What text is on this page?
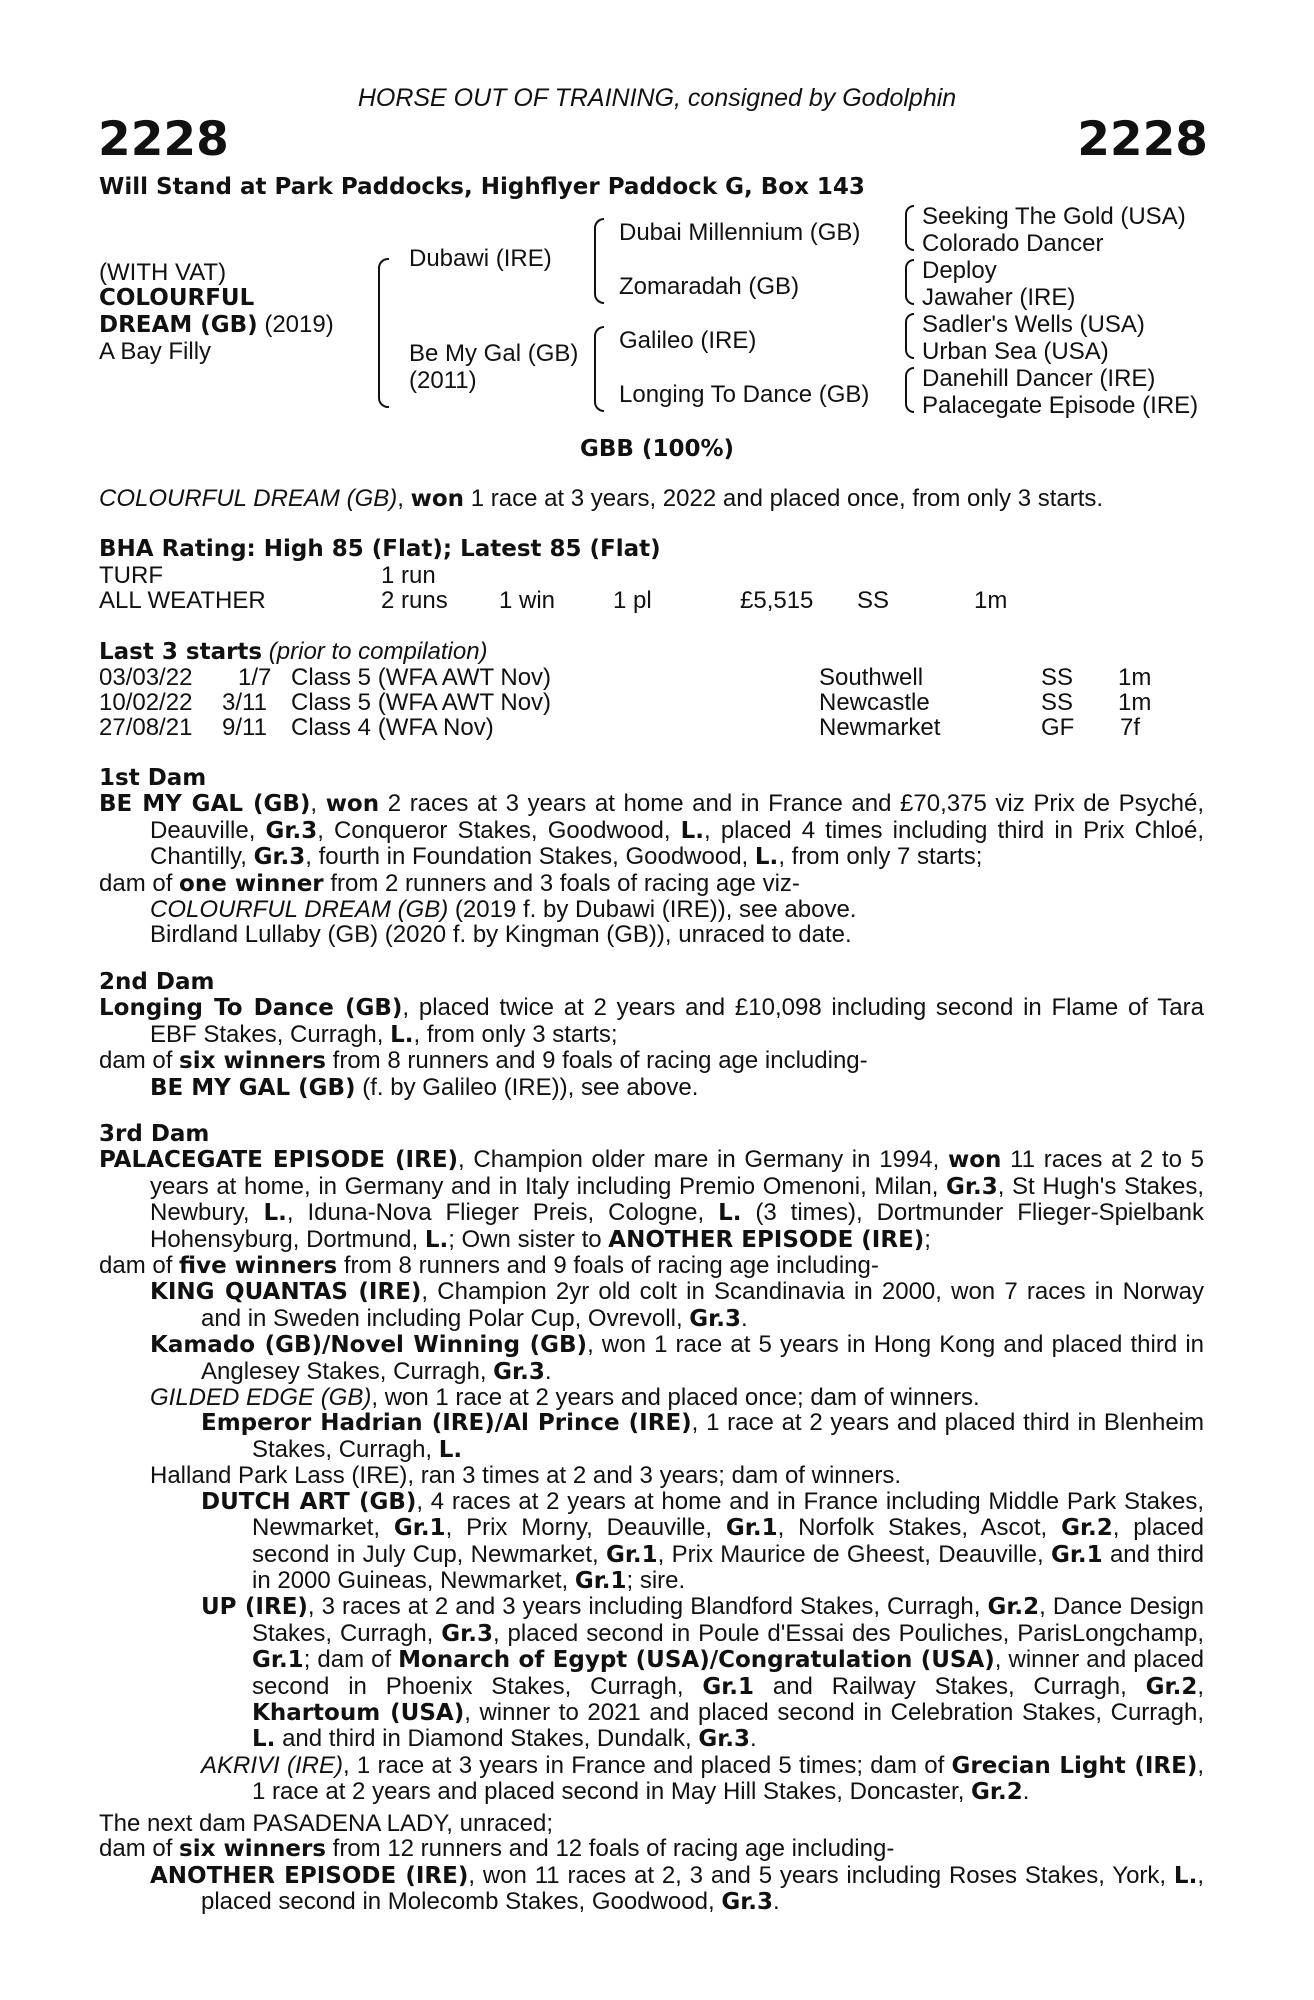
HORSE OUT OF TRAINING, consigned by Godolphin
2228	2228
Will Stand at Park Paddocks, Highflyer Paddock G, Box 143
(WITH VAT)
COLOURFUL
DREAM (GB) (2019)
A Bay Filly
Dubawi (IRE)
Be My Gal (GB)
(2011)
Dubai Millennium (GB)
Zomaradah (GB)
Galileo (IRE)
Longing To Dance (GB)
Seeking The Gold (USA)
Colorado Dancer
Deploy
Jawaher (IRE)
Sadler's Wells (USA)
Urban Sea (USA)
Danehill Dancer (IRE)
Palacegate Episode (IRE)
GBB (100%)
COLOURFUL DREAM (GB), won 1 race at 3 years, 2022 and placed once, from only 3 starts.
BHA Rating: High 85 (Flat); Latest 85 (Flat)
TURF	1 run
ALL WEATHER	2 runs 1 win 1 pl	£5,515 SS	1m
Last 3 starts (prior to compilation)
03/03/22 1/7 Class 5 (WFA AWT Nov)	Southwell	SS 1m
10/02/22 3/11 Class 5 (WFA AWT Nov)	Newcastle	SS 1m
27/08/21 9/11 Class 4 (WFA Nov)	Newmarket	GF 7f

1st Dam

BE MY GAL (GB), won 2 races at 3 years at home and in France and £70,375 viz Prix de Psyché, Deauville, Gr.3, Conqueror Stakes, Goodwood, L., placed 4 times including third in Prix Chloé, Chantilly, Gr.3, fourth in Foundation Stakes, Goodwood, L., from only 7 starts;

dam of one winner from 2 runners and 3 foals of racing age viz-

COLOURFUL DREAM (GB) (2019 f. by Dubawi (IRE)), see above.

Birdland Lullaby (GB) (2020 f. by Kingman (GB)), unraced to date.

2nd Dam

Longing To Dance (GB), placed twice at 2 years and £10,098 including second in Flame of Tara EBF Stakes, Curragh, L., from only 3 starts;

dam of six winners from 8 runners and 9 foals of racing age including-

BE MY GAL (GB) (f. by Galileo (IRE)), see above.

3rd Dam

PALACEGATE EPISODE (IRE), Champion older mare in Germany in 1994, won 11 races at 2 to 5 years at home, in Germany and in Italy including Premio Omenoni, Milan, Gr.3, St Hugh's Stakes, Newbury, L., Iduna-Nova Flieger Preis, Cologne, L. (3 times), Dortmunder Flieger-Spielbank Hohensyburg, Dortmund, L.; Own sister to ANOTHER EPISODE (IRE);

dam of five winners from 8 runners and 9 foals of racing age including-

KING QUANTAS (IRE), Champion 2yr old colt in Scandinavia in 2000, won 7 races in Norway and in Sweden including Polar Cup, Ovrevoll, Gr.3.

Kamado (GB)/Novel Winning (GB), won 1 race at 5 years in Hong Kong and placed third in Anglesey Stakes, Curragh, Gr.3.

GILDED EDGE (GB), won 1 race at 2 years and placed once; dam of winners.

Emperor Hadrian (IRE)/Al Prince (IRE), 1 race at 2 years and placed third in Blenheim Stakes, Curragh, L.

Halland Park Lass (IRE), ran 3 times at 2 and 3 years; dam of winners.

DUTCH ART (GB), 4 races at 2 years at home and in France including Middle Park Stakes, Newmarket, Gr.1, Prix Morny, Deauville, Gr.1, Norfolk Stakes, Ascot, Gr.2, placed second in July Cup, Newmarket, Gr.1, Prix Maurice de Gheest, Deauville, Gr.1 and third in 2000 Guineas, Newmarket, Gr.1; sire.

UP (IRE), 3 races at 2 and 3 years including Blandford Stakes, Curragh, Gr.2, Dance Design Stakes, Curragh, Gr.3, placed second in Poule d'Essai des Pouliches, ParisLongchamp, Gr.1; dam of Monarch of Egypt (USA)/Congratulation (USA), winner and placed second in Phoenix Stakes, Curragh, Gr.1 and Railway Stakes, Curragh, Gr.2, Khartoum (USA), winner to 2021 and placed second in Celebration Stakes, Curragh, L. and third in Diamond Stakes, Dundalk, Gr.3.

AKRIVI (IRE), 1 race at 3 years in France and placed 5 times; dam of Grecian Light (IRE), 1 race at 2 years and placed second in May Hill Stakes, Doncaster, Gr.2.

The next dam PASADENA LADY, unraced;

dam of six winners from 12 runners and 12 foals of racing age including-

ANOTHER EPISODE (IRE), won 11 races at 2, 3 and 5 years including Roses Stakes, York, L., placed second in Molecomb Stakes, Goodwood, Gr.3.
